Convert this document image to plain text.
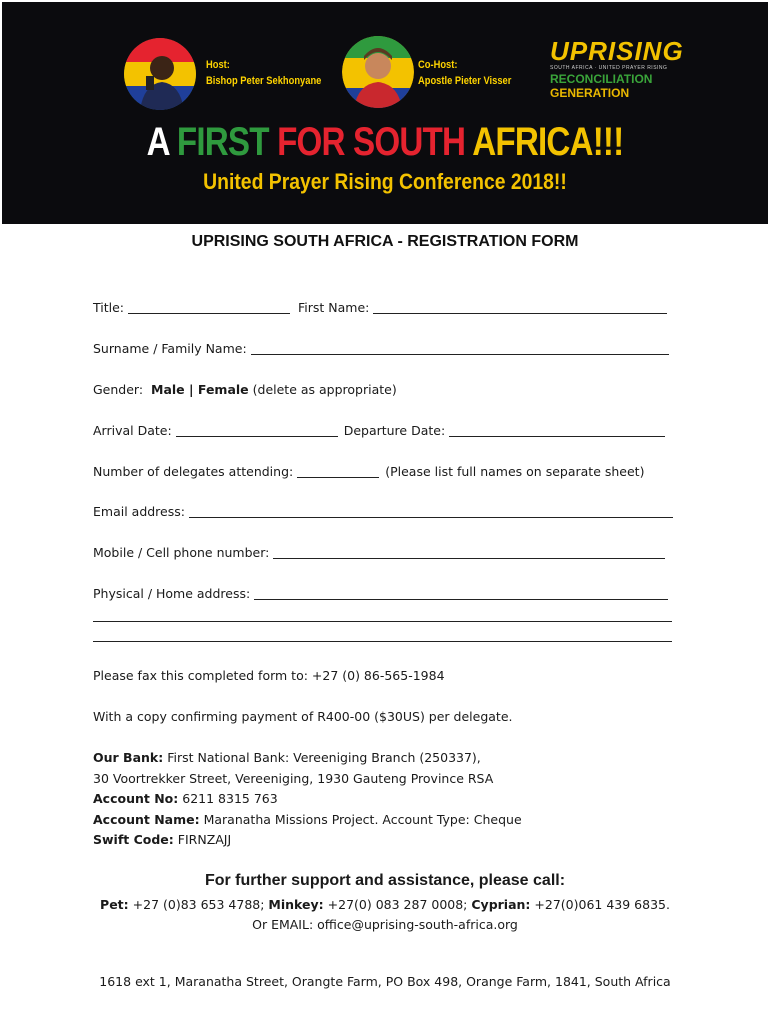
Host:
Bishop Peter Sekhonyane
Co-Host:
Apostle Pieter Visser
UPRISING
SOUTH AFRICA · UNITED PRAYER RISING
RECONCILIATION
GENERATION
A FIRST FOR SOUTH AFRICA!!!
United Prayer Rising Conference 2018!!
UPRISING SOUTH AFRICA - REGISTRATION FORM
Title:	First Name:
Surname / Family Name:
Gender:
Male | Female
(delete as appropriate)
Arrival Date:	Departure Date:
Number of delegates attending:	(Please list full names on separate sheet)
Email address:
Mobile / Cell phone number:
Physical / Home address:
Please fax this completed form to: +27 (0) 86-565-1984
With a copy confirming payment of R400-00 ($30US) per delegate.
Our Bank: First National Bank: Vereeniging Branch (250337),
30 Voortrekker Street, Vereeniging, 1930 Gauteng Province RSA
Account No: 6211 8315 763
Account Name: Maranatha Missions Project. Account Type: Cheque
Swift Code: FIRNZAJJ
For further support and assistance, please call:
Pet: +27 (0)83 653 4788; Minkey: +27(0) 083 287 0008; Cyprian: +27(0)061 439 6835.
Or EMAIL: office@uprising-south-africa.org
1618 ext 1, Maranatha Street, Orangte Farm, PO Box 498, Orange Farm, 1841, South Africa
